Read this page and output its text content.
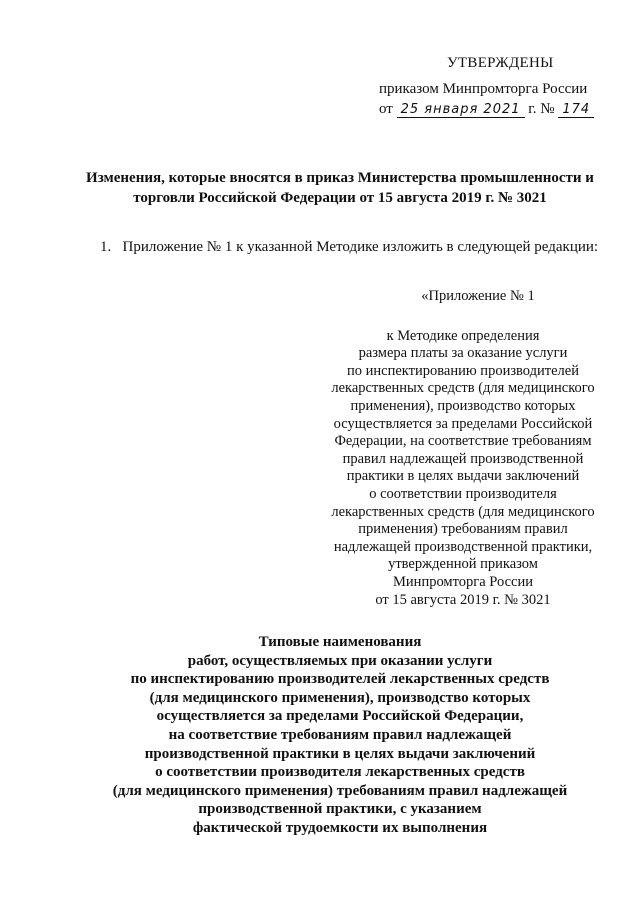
УТВЕРЖДЕНЫ
приказом Минпромторга России
от 25 января 2021 г. № 174
Изменения, которые вносятся в приказ Министерства промышленности и
торговли Российской Федерации от 15 августа 2019 г. № 3021
1. Приложение № 1 к указанной Методике изложить в следующей редакции:
«Приложение № 1
к Методике определения
размера платы за оказание услуги
по инспектированию производителей
лекарственных средств (для медицинского
применения), производство которых
осуществляется за пределами Российской
Федерации, на соответствие требованиям
правил надлежащей производственной
практики в целях выдачи заключений
о соответствии производителя
лекарственных средств (для медицинского
применения) требованиям правил
надлежащей производственной практики,
утвержденной приказом
Минпромторга России
от 15 августа 2019 г. № 3021
Типовые наименования
работ, осуществляемых при оказании услуги
по инспектированию производителей лекарственных средств
(для медицинского применения), производство которых
осуществляется за пределами Российской Федерации,
на соответствие требованиям правил надлежащей
производственной практики в целях выдачи заключений
о соответствии производителя лекарственных средств
(для медицинского применения) требованиям правил надлежащей
производственной практики, с указанием
фактической трудоемкости их выполнения
